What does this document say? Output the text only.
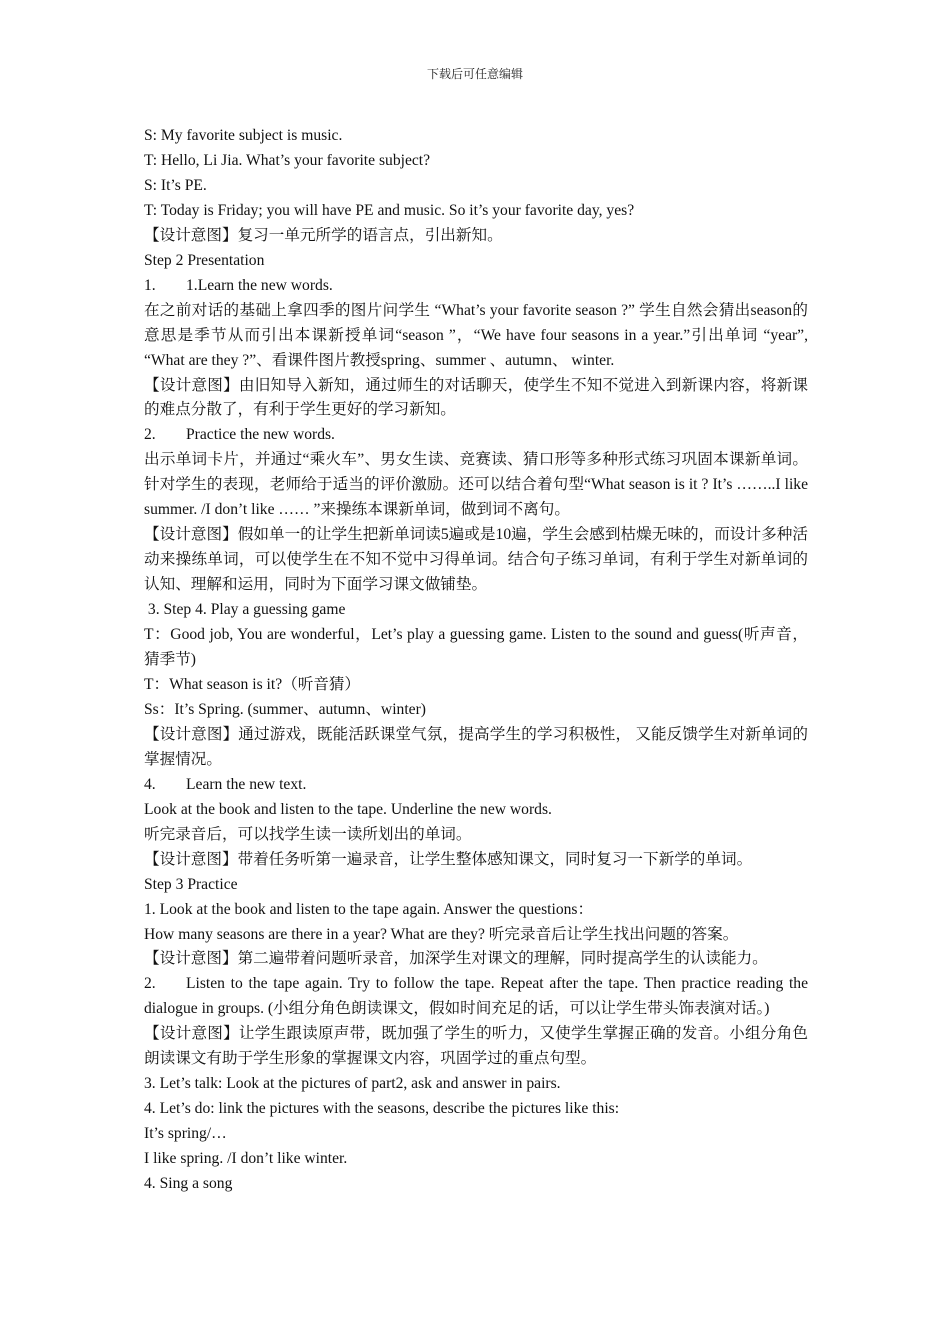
下载后可任意编辑
S: My favorite subject is music.
T: Hello, Li Jia. What’s your favorite subject?
S: It’s PE.
T: Today is Friday; you will have PE and music. So it’s your favorite day, yes?
【设计意图】复习一单元所学的语言点，引出新知。
Step 2 Presentation
1. 1.Learn the new words.
在之前对话的基础上拿四季的图片问学生 “What’s your favorite season ?” 学生自然会猜出season的意思是季节从而引出本课新授单词“season ”，“We have four seasons in a year.”引出单词 “year”, “What are they ?”、看课件图片教授spring、summer 、autumn、 winter.
【设计意图】由旧知导入新知，通过师生的对话聊天，使学生不知不觉进入到新课内容，将新课的难点分散了，有利于学生更好的学习新知。
2. Practice the new words.
出示单词卡片，并通过“乘火车”、男女生读、竞赛读、猜口形等多种形式练习巩固本课新单词。针对学生的表现，老师给于适当的评价激励。还可以结合着句型“What season is it ? It’s ……..I like summer. /I don’t like …… ”来操练本课新单词，做到词不离句。
【设计意图】假如单一的让学生把新单词读5遍或是10遍，学生会感到枯燥无味的，而设计多种活动来操练单词，可以使学生在不知不觉中习得单词。结合句子练习单词，有利于学生对新单词的认知、理解和运用，同时为下面学习课文做铺垫。
3. Step 4. Play a guessing game
T：Good job, You are wonderful，Let’s play a guessing game. Listen to the sound and guess(听声音，猜季节)
T：What season is it?（听音猜）
Ss：It’s Spring. (summer、autumn、winter)
【设计意图】通过游戏，既能活跃课堂气氛，提高学生的学习积极性， 又能反馈学生对新单词的掌握情况。
4. Learn the new text.
Look at the book and listen to the tape. Underline the new words.
听完录音后，可以找学生读一读所划出的单词。
【设计意图】带着任务听第一遍录音，让学生整体感知课文，同时复习一下新学的单词。
Step 3 Practice
1. Look at the book and listen to the tape again. Answer the questions：
How many seasons are there in a year? What are they? 听完录音后让学生找出问题的答案。
【设计意图】第二遍带着问题听录音，加深学生对课文的理解，同时提高学生的认读能力。
2. Listen to the tape again. Try to follow the tape. Repeat after the tape. Then practice reading the dialogue in groups. (小组分角色朗读课文，假如时间充足的话，可以让学生带头饰表演对话。)
【设计意图】让学生跟读原声带，既加强了学生的听力，又使学生掌握正确的发音。小组分角色朗读课文有助于学生形象的掌握课文内容，巩固学过的重点句型。
3. Let’s talk: Look at the pictures of part2, ask and answer in pairs.
4. Let’s do: link the pictures with the seasons, describe the pictures like this:
It’s spring/…
I like spring. /I don’t like winter.
4. Sing a song
